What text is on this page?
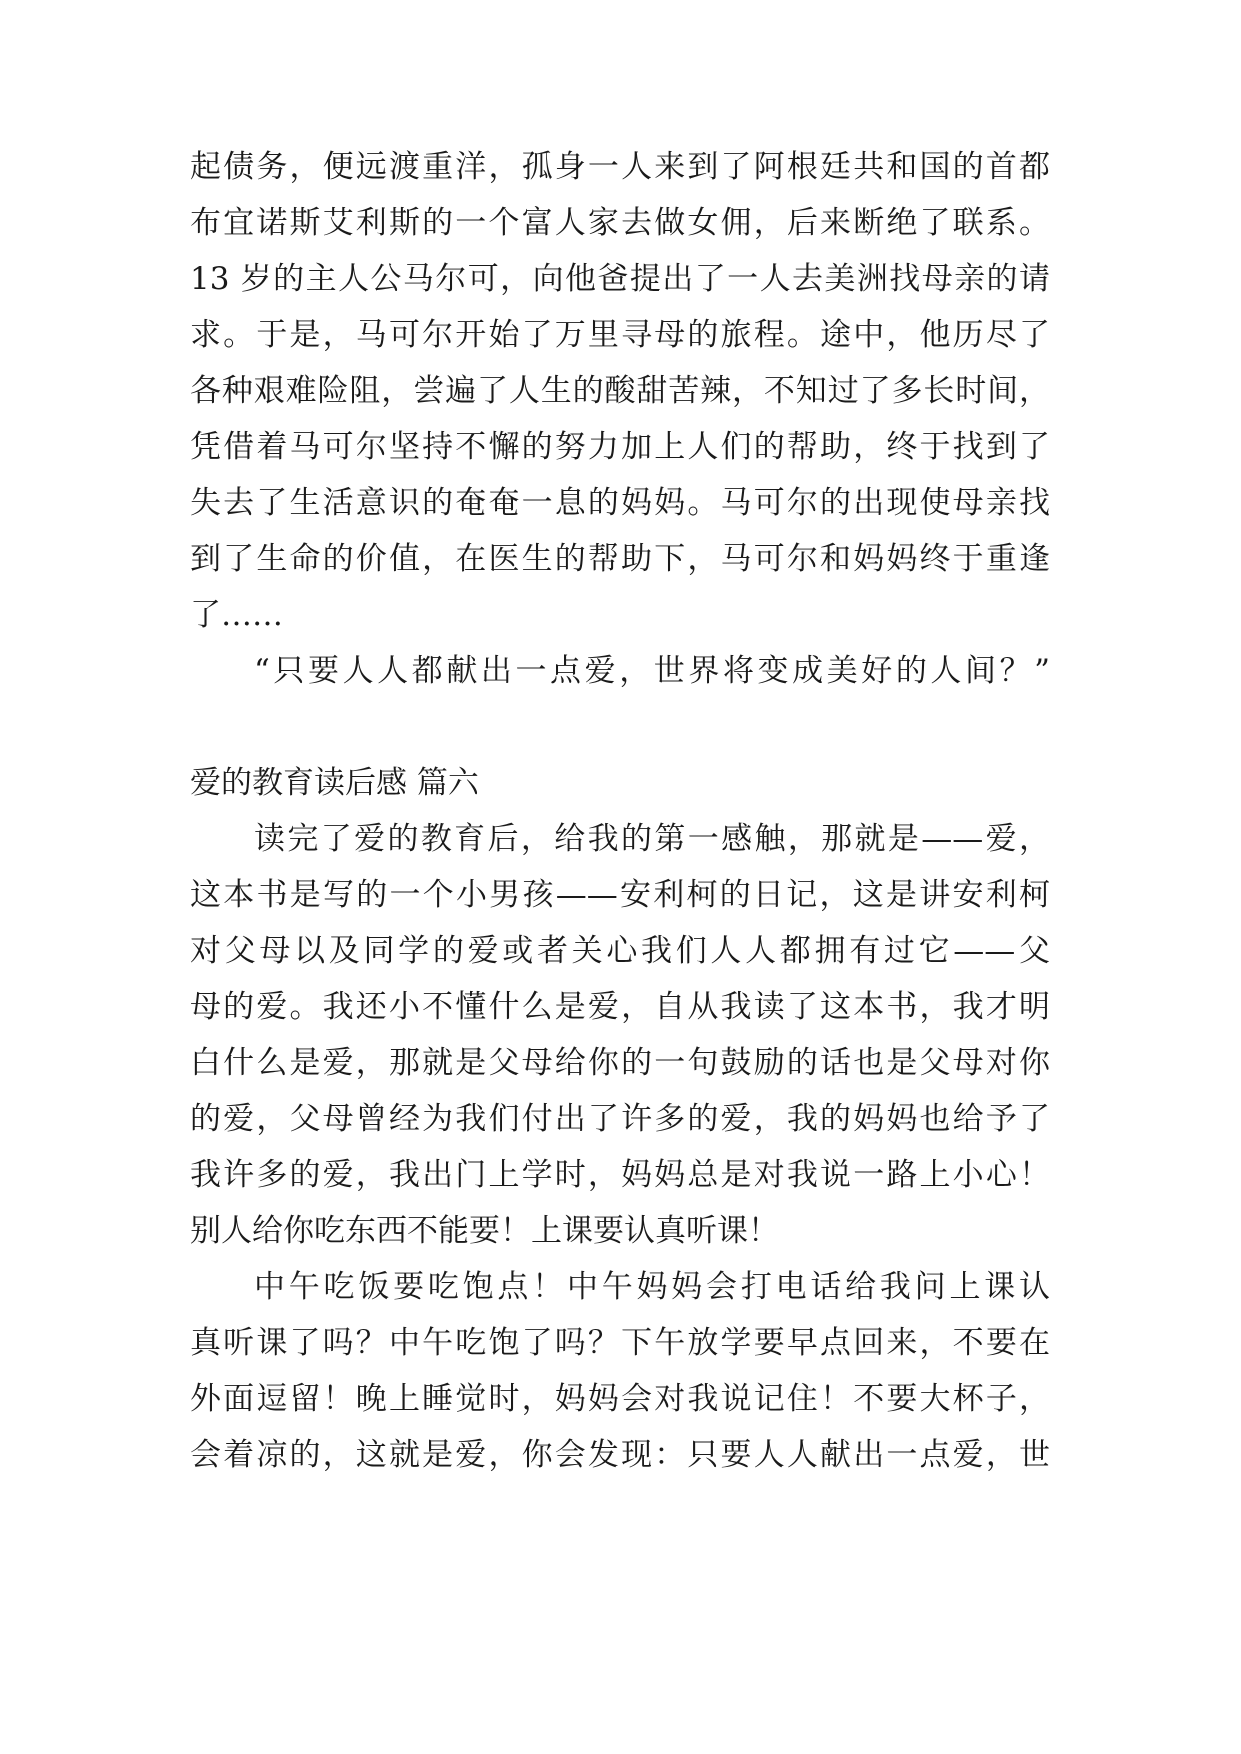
起债务，便远渡重洋，孤身一人来到了阿根廷共和国的首都
布宜诺斯艾利斯的一个富人家去做女佣，后来断绝了联系。
13 岁的主人公马尔可，向他爸提出了一人去美洲找母亲的请
求。于是，马可尔开始了万里寻母的旅程。途中，他历尽了
各种艰难险阻，尝遍了人生的酸甜苦辣，不知过了多长时间，
凭借着马可尔坚持不懈的努力加上人们的帮助，终于找到了
失去了生活意识的奄奄一息的妈妈。马可尔的出现使母亲找
到了生命的价值，在医生的帮助下，马可尔和妈妈终于重逢
了……
“只要人人都献出一点爱，世界将变成美好的人间？”
爱的教育读后感 篇六
读完了爱的教育后，给我的第一感触，那就是——爱，
这本书是写的一个小男孩——安利柯的日记，这是讲安利柯
对父母以及同学的爱或者关心我们人人都拥有过它——父
母的爱。我还小不懂什么是爱，自从我读了这本书，我才明
白什么是爱，那就是父母给你的一句鼓励的话也是父母对你
的爱，父母曾经为我们付出了许多的爱，我的妈妈也给予了
我许多的爱，我出门上学时，妈妈总是对我说一路上小心！
别人给你吃东西不能要！上课要认真听课！
中午吃饭要吃饱点！中午妈妈会打电话给我问上课认
真听课了吗？中午吃饱了吗？下午放学要早点回来，不要在
外面逗留！晚上睡觉时，妈妈会对我说记住！不要大杯子，
会着凉的，这就是爱，你会发现：只要人人献出一点爱，世
